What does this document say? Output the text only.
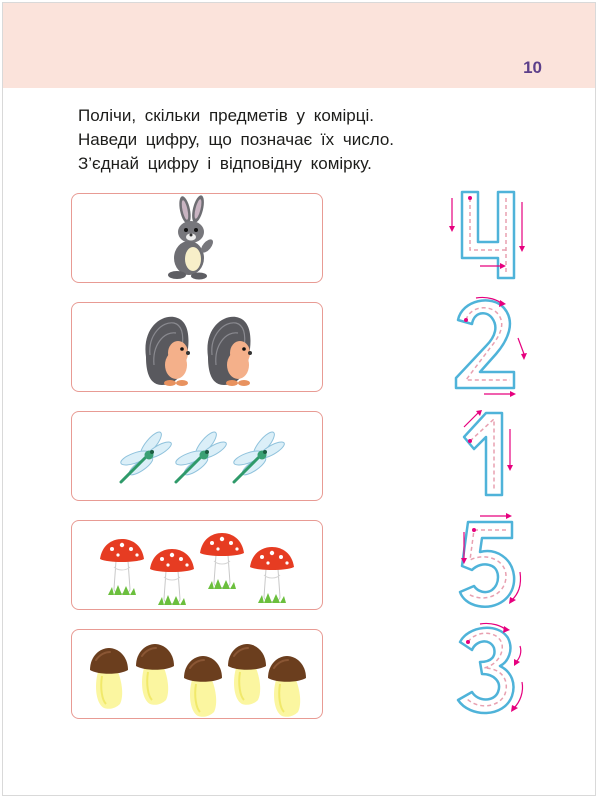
10
Полічи, скільки предметів у комірці.
Наведи цифру, що позначає їх число.
З’єднай цифру і відповідну комірку.
